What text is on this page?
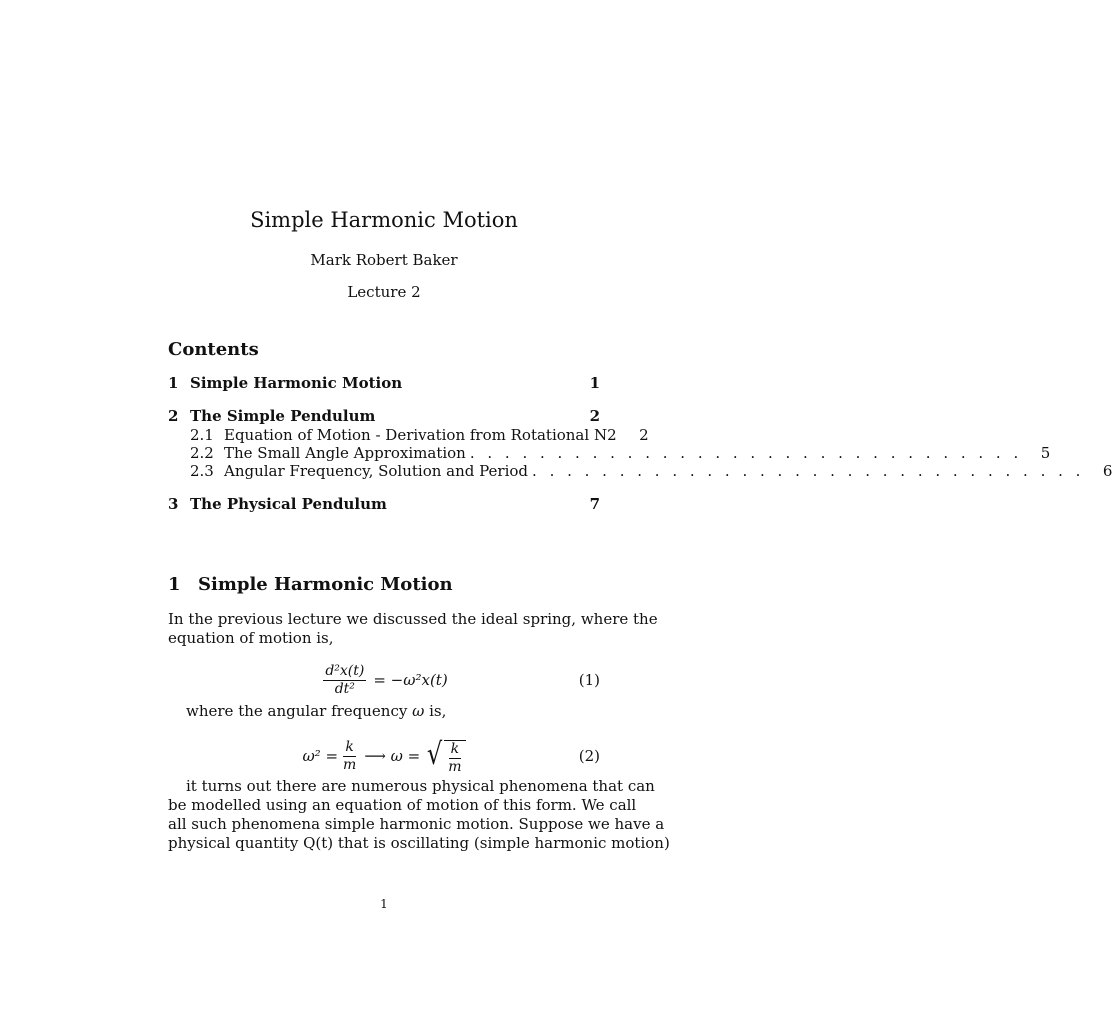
Simple Harmonic Motion
Mark Robert Baker
Lecture 2
Contents
1 Simple Harmonic Motion	1
2 The Simple Pendulum	2
2.1 Equation of Motion - Derivation from Rotational N2	2
2.2 The Small Angle Approximation . . . . . . . . . . . . . . . . . . . . . . . . . . . . . . . .	5
2.3 Angular Frequency, Solution and Period . . . . . . . . . . . . . . . . . . . . . . . . . . . . . . . .	6
3 The Physical Pendulum	7
1 Simple Harmonic Motion
In the previous lecture we discussed the ideal spring, where the
equation of motion is,
$\frac{\text{d²x(t)}}{\text{dt²}} = -\omega^2x(t)$	(1)
where the angular frequency ω is,
$\omega^2 = \frac{k}{m}$ ⟶ ω = √ $\frac{k}{m}$	(2)
it turns out there are numerous physical phenomena that can
be modelled using an equation of motion of this form. We call
all such phenomena simple harmonic motion. Suppose we have a
physical quantity Q(t) that is oscillating (simple harmonic motion)
1
